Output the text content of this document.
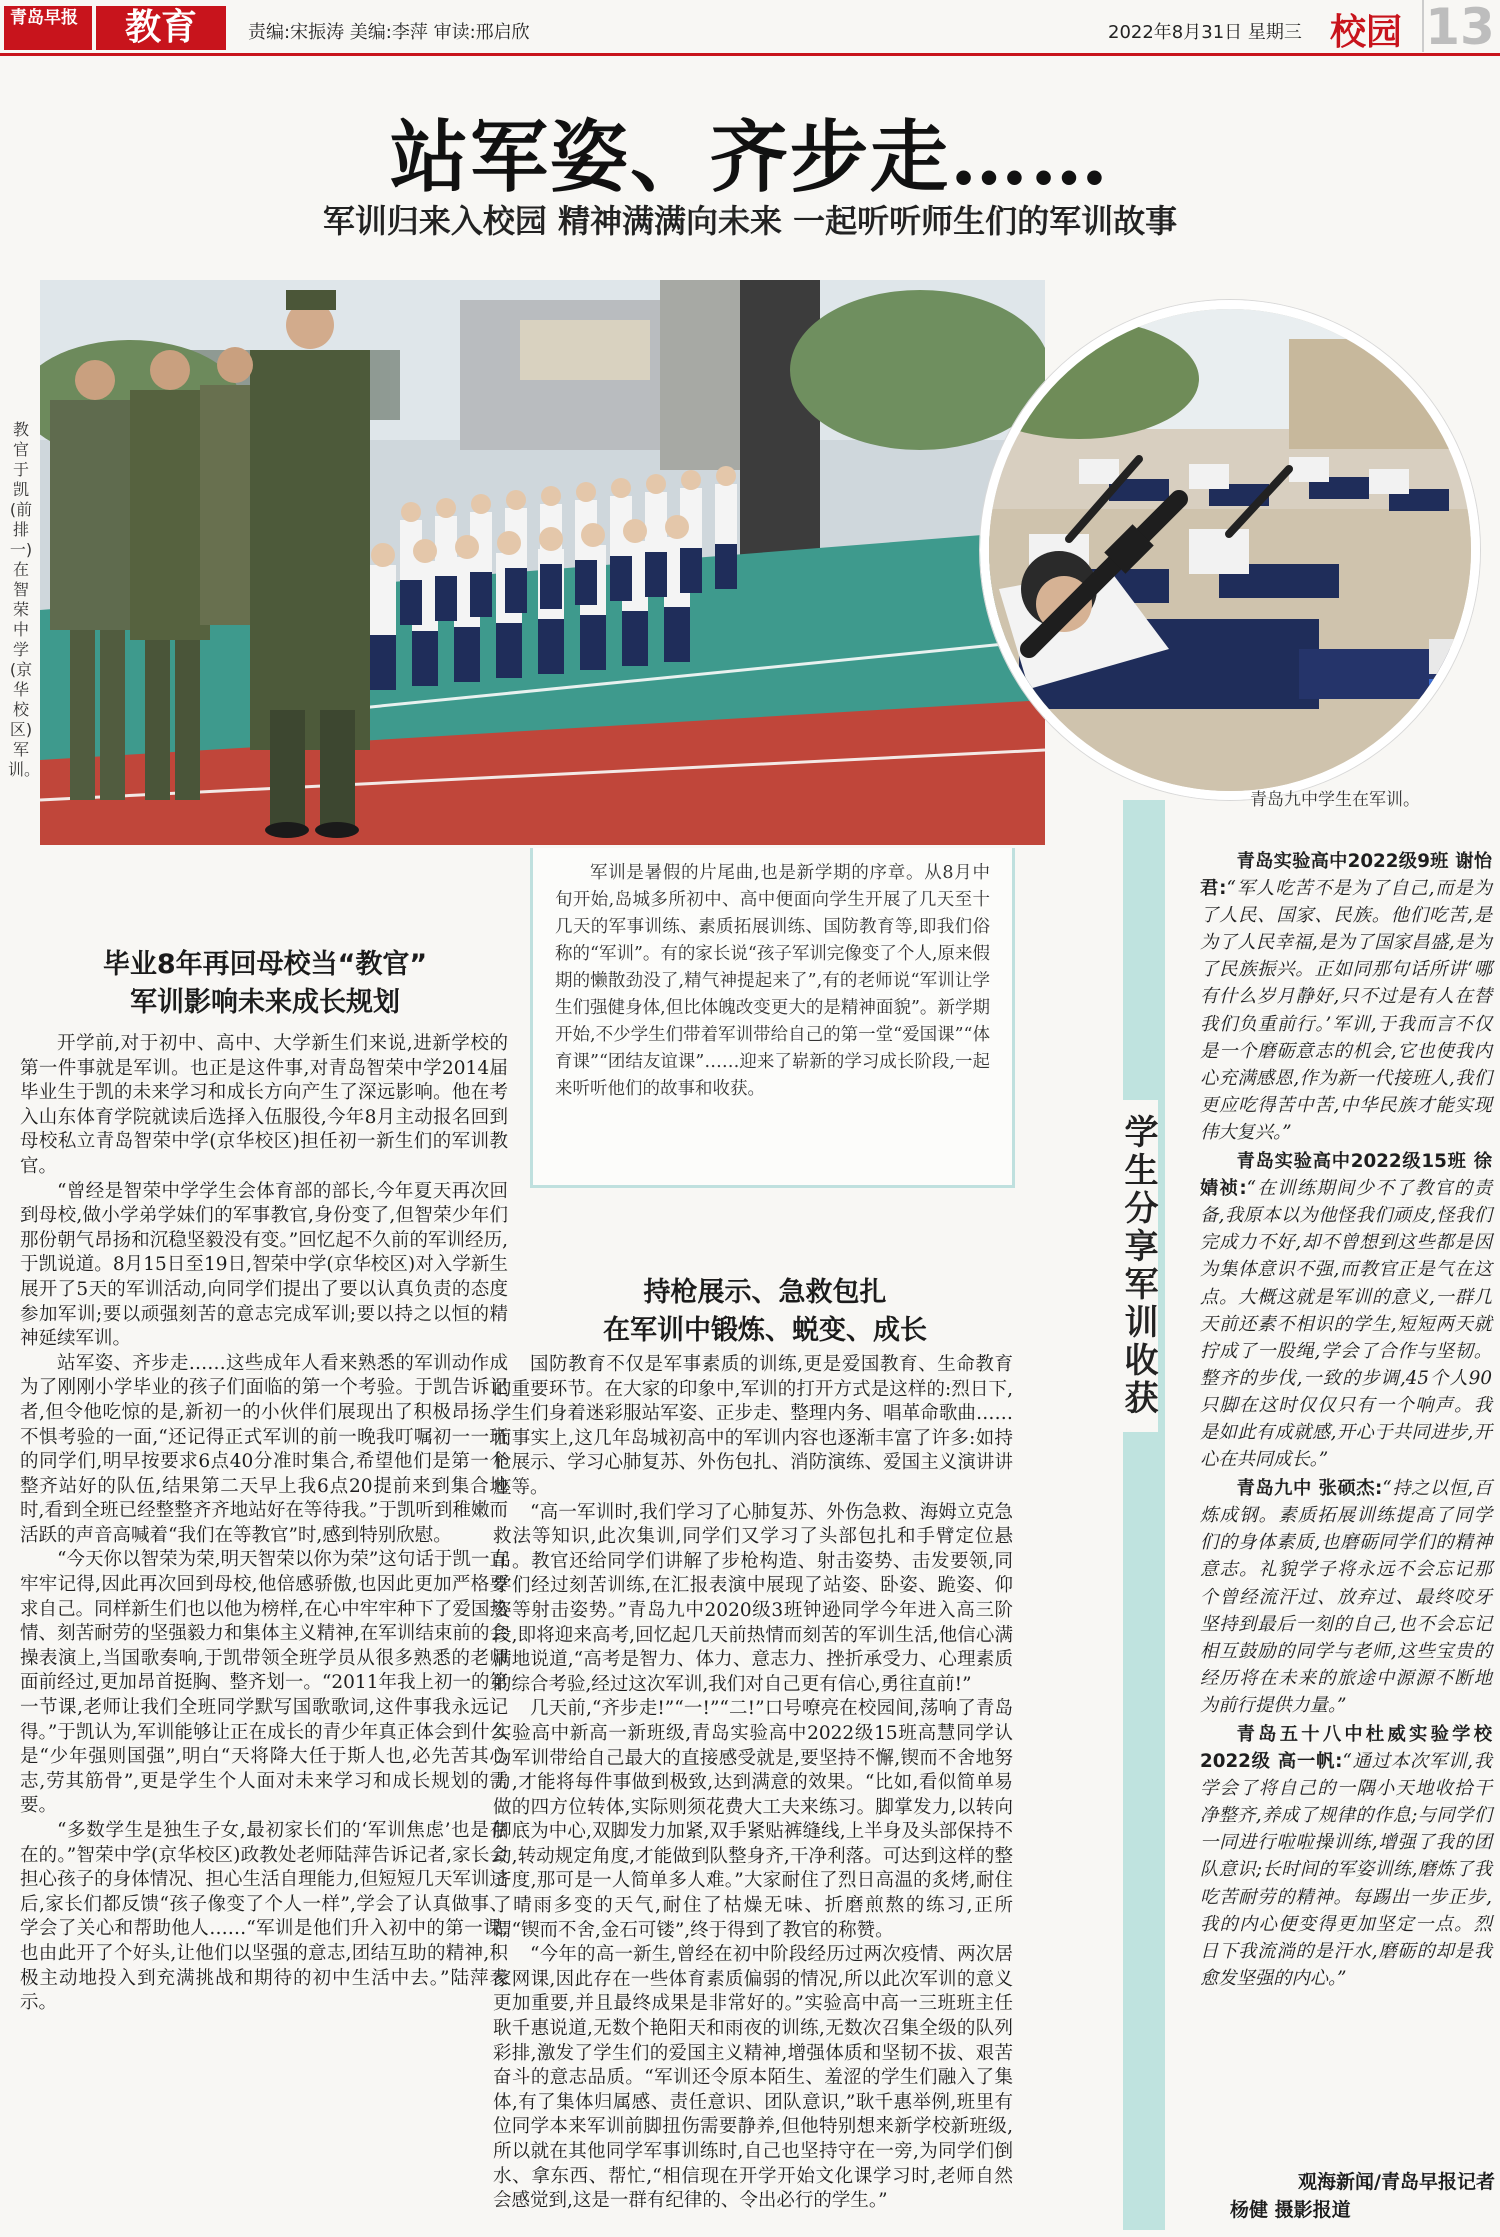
青岛早报	教育	责编:宋振涛 美编:李萍 审读:邢启欣	2022年8月31日 星期三 校园 13
站军姿、齐步走……
军训归来入校园 精神满满向未来 一起听听师生们的军训故事
教官于凯(前排一)在智荣中学(京华校区)军训。
青岛九中学生在军训。
军训是暑假的片尾曲,也是新学期的序章。从8月中旬开始,岛城多所初中、高中便面向学生开展了几天至十几天的军事训练、素质拓展训练、国防教育等,即我们俗称的“军训”。有的家长说“孩子军训完像变了个人,原来假期的懒散劲没了,精气神提起来了”,有的老师说“军训让学生们强健身体,但比体魄改变更大的是精神面貌”。新学期开始,不少学生们带着军训带给自己的第一堂“爱国课”“体育课”“团结友谊课”……迎来了崭新的学习成长阶段,一起来听听他们的故事和收获。
毕业8年再回母校当“教官”
军训影响未来成长规划

开学前,对于初中、高中、大学新生们来说,进新学校的第一件事就是军训。也正是这件事,对青岛智荣中学2014届毕业生于凯的未来学习和成长方向产生了深远影响。他在考入山东体育学院就读后选择入伍服役,今年8月主动报名回到母校私立青岛智荣中学(京华校区)担任初一新生们的军训教官。

“曾经是智荣中学学生会体育部的部长,今年夏天再次回到母校,做小学弟学妹们的军事教官,身份变了,但智荣少年们那份朝气昂扬和沉稳坚毅没有变。”回忆起不久前的军训经历,于凯说道。8月15日至19日,智荣中学(京华校区)对入学新生展开了5天的军训活动,向同学们提出了要以认真负责的态度参加军训;要以顽强刻苦的意志完成军训;要以持之以恒的精神延续军训。

站军姿、齐步走……这些成年人看来熟悉的军训动作成为了刚刚小学毕业的孩子们面临的第一个考验。于凯告诉记者,但令他吃惊的是,新初一的小伙伴们展现出了积极昂扬、不惧考验的一面,“还记得正式军训的前一晚我叮嘱初一一班的同学们,明早按要求6点40分准时集合,希望他们是第一个整齐站好的队伍,结果第二天早上我6点20提前来到集合地时,看到全班已经整整齐齐地站好在等待我。”于凯听到稚嫩而活跃的声音高喊着“我们在等教官”时,感到特别欣慰。

“今天你以智荣为荣,明天智荣以你为荣”这句话于凯一直牢牢记得,因此再次回到母校,他倍感骄傲,也因此更加严格要求自己。同样新生们也以他为榜样,在心中牢牢种下了爱国热情、刻苦耐劳的坚强毅力和集体主义精神,在军训结束前的会操表演上,当国歌奏响,于凯带领全班学员从很多熟悉的老师面前经过,更加昂首挺胸、整齐划一。“2011年我上初一的第一节课,老师让我们全班同学默写国歌歌词,这件事我永远记得。”于凯认为,军训能够让正在成长的青少年真正体会到什么是“少年强则国强”,明白“天将降大任于斯人也,必先苦其心志,劳其筋骨”,更是学生个人面对未来学习和成长规划的需要。

“多数学生是独生子女,最初家长们的‘军训焦虑’也是存在的。”智荣中学(京华校区)政教处老师陆萍告诉记者,家长会担心孩子的身体情况、担心生活自理能力,但短短几天军训过后,家长们都反馈“孩子像变了个人一样”,学会了认真做事、学会了关心和帮助他人……“军训是他们升入初中的第一课,也由此开了个好头,让他们以坚强的意志,团结互助的精神,积极主动地投入到充满挑战和期待的初中生活中去。”陆萍表示。

持枪展示、急救包扎
在军训中锻炼、蜕变、成长

国防教育不仅是军事素质的训练,更是爱国教育、生命教育的重要环节。在大家的印象中,军训的打开方式是这样的:烈日下,学生们身着迷彩服站军姿、正步走、整理内务、唱革命歌曲……而事实上,这几年岛城初高中的军训内容也逐渐丰富了许多:如持枪展示、学习心肺复苏、外伤包扎、消防演练、爱国主义演讲讲座等。

“高一军训时,我们学习了心肺复苏、外伤急救、海姆立克急救法等知识,此次集训,同学们又学习了头部包扎和手臂定位悬吊。教官还给同学们讲解了步枪构造、射击姿势、击发要领,同学们经过刻苦训练,在汇报表演中展现了站姿、卧姿、跪姿、仰姿等射击姿势。”青岛九中2020级3班钟逊同学今年进入高三阶段,即将迎来高考,回忆起几天前热情而刻苦的军训生活,他信心满满地说道,“高考是智力、体力、意志力、挫折承受力、心理素质的综合考验,经过这次军训,我们对自己更有信心,勇往直前!”

几天前,“齐步走!”“一!”“二!”口号嘹亮在校园间,荡响了青岛实验高中新高一新班级,青岛实验高中2022级15班高慧同学认为军训带给自己最大的直接感受就是,要坚持不懈,锲而不舍地努力,才能将每件事做到极致,达到满意的效果。“比如,看似简单易做的四方位转体,实际则须花费大工夫来练习。脚掌发力,以转向脚底为中心,双脚发力加紧,双手紧贴裤缝线,上半身及头部保持不动,转动规定角度,才能做到队整身齐,干净利落。可达到这样的整齐度,那可是一人简单多人难。”大家耐住了烈日高温的炙烤,耐住了晴雨多变的天气,耐住了枯燥无味、折磨煎熬的练习,正所谓“锲而不舍,金石可镂”,终于得到了教官的称赞。

“今年的高一新生,曾经在初中阶段经历过两次疫情、两次居家网课,因此存在一些体育素质偏弱的情况,所以此次军训的意义更加重要,并且最终成果是非常好的。”实验高中高一三班班主任耿千惠说道,无数个艳阳天和雨夜的训练,无数次召集全级的队列彩排,激发了学生们的爱国主义精神,增强体质和坚韧不拔、艰苦奋斗的意志品质。“军训还令原本陌生、羞涩的学生们融入了集体,有了集体归属感、责任意识、团队意识,”耿千惠举例,班里有位同学本来军训前脚扭伤需要静养,但他特别想来新学校新班级,所以就在其他同学军事训练时,自己也坚持守在一旁,为同学们倒水、拿东西、帮忙,“相信现在开学开始文化课学习时,老师自然会感觉到,这是一群有纪律的、令出必行的学生。”

学生分享军训收获

青岛实验高中2022级9班 谢怡君:“军人吃苦不是为了自己,而是为了人民、国家、民族。他们吃苦,是为了人民幸福,是为了国家昌盛,是为了民族振兴。正如同那句话所讲‘哪有什么岁月静好,只不过是有人在替我们负重前行。’军训,于我而言不仅是一个磨砺意志的机会,它也使我内心充满感恩,作为新一代接班人,我们更应吃得苦中苦,中华民族才能实现伟大复兴。”

青岛实验高中2022级15班 徐婧祯:“在训练期间少不了教官的责备,我原本以为他怪我们顽皮,怪我们完成力不好,却不曾想到这些都是因为集体意识不强,而教官正是气在这点。大概这就是军训的意义,一群几天前还素不相识的学生,短短两天就拧成了一股绳,学会了合作与坚韧。整齐的步伐,一致的步调,45个人90只脚在这时仅仅只有一个响声。我是如此有成就感,开心于共同进步,开心在共同成长。”

青岛九中 张硕杰:“持之以恒,百炼成钢。素质拓展训练提高了同学们的身体素质,也磨砺同学们的精神意志。礼貌学子将永远不会忘记那个曾经流汗过、放弃过、最终咬牙坚持到最后一刻的自己,也不会忘记相互鼓励的同学与老师,这些宝贵的经历将在未来的旅途中源源不断地为前行提供力量。”

青岛五十八中杜威实验学校2022级 高一帆:“通过本次军训,我学会了将自己的一隅小天地收拾干净整齐,养成了规律的作息;与同学们一同进行啦啦操训练,增强了我的团队意识;长时间的军姿训练,磨炼了我吃苦耐劳的精神。每踢出一步正步,我的内心便变得更加坚定一点。烈日下我流淌的是汗水,磨砺的却是我愈发坚强的内心。”

观海新闻/青岛早报记者
杨健 摄影报道
